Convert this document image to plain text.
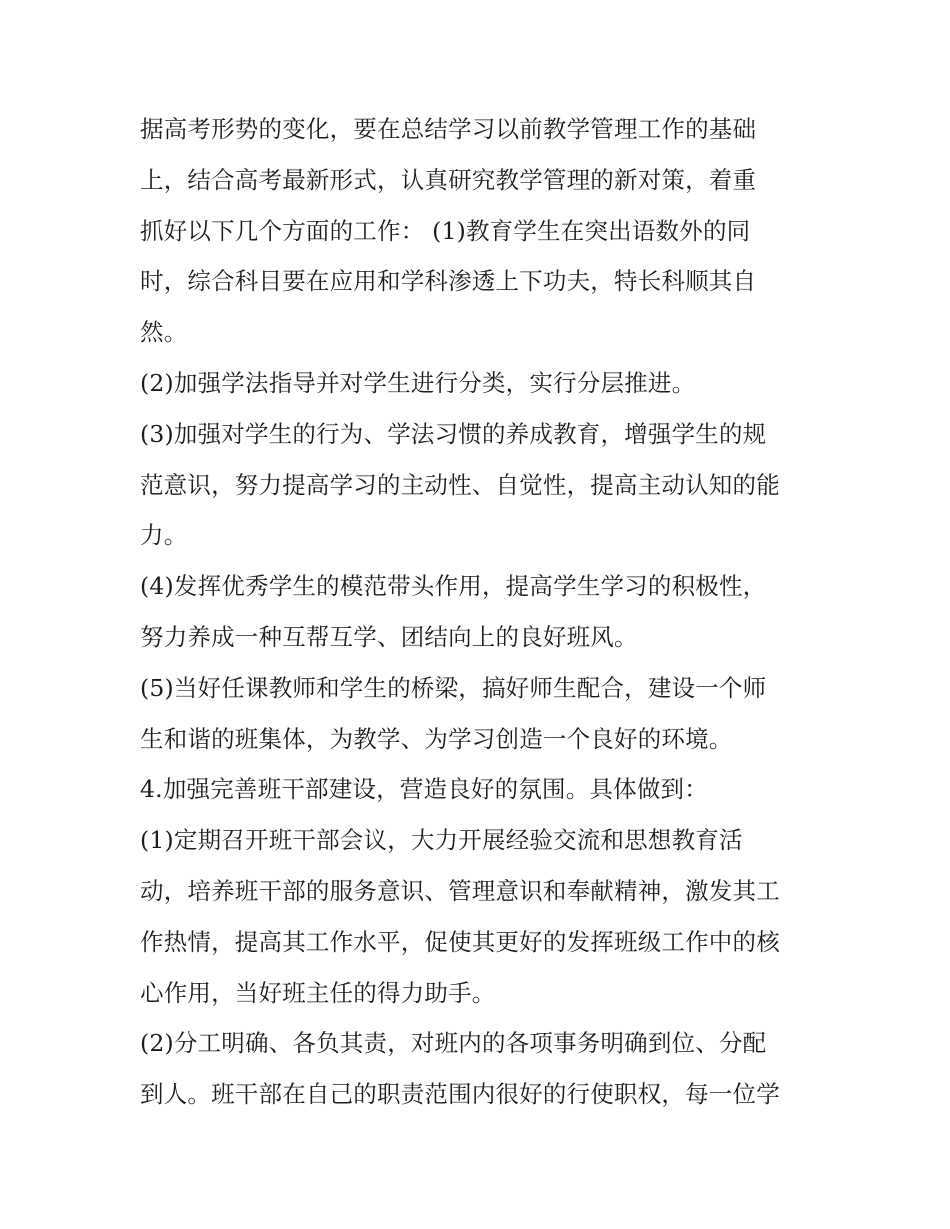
据高考形势的变化，要在总结学习以前教学管理工作的基础
上，结合高考最新形式，认真研究教学管理的新对策，着重
抓好以下几个方面的工作： (1)教育学生在突出语数外的同
时，综合科目要在应用和学科渗透上下功夫，特长科顺其自
然。
(2)加强学法指导并对学生进行分类，实行分层推进。
(3)加强对学生的行为、学法习惯的养成教育，增强学生的规
范意识，努力提高学习的主动性、自觉性，提高主动认知的能
力。
(4)发挥优秀学生的模范带头作用，提高学生学习的积极性，
努力养成一种互帮互学、团结向上的良好班风。
(5)当好任课教师和学生的桥梁，搞好师生配合，建设一个师
生和谐的班集体，为教学、为学习创造一个良好的环境。
4.加强完善班干部建设，营造良好的氛围。具体做到：
(1)定期召开班干部会议，大力开展经验交流和思想教育活
动，培养班干部的服务意识、管理意识和奉献精神，激发其工
作热情，提高其工作水平，促使其更好的发挥班级工作中的核
心作用，当好班主任的得力助手。
(2)分工明确、各负其责，对班内的各项事务明确到位、分配
到人。班干部在自己的职责范围内很好的行使职权，每一位学
